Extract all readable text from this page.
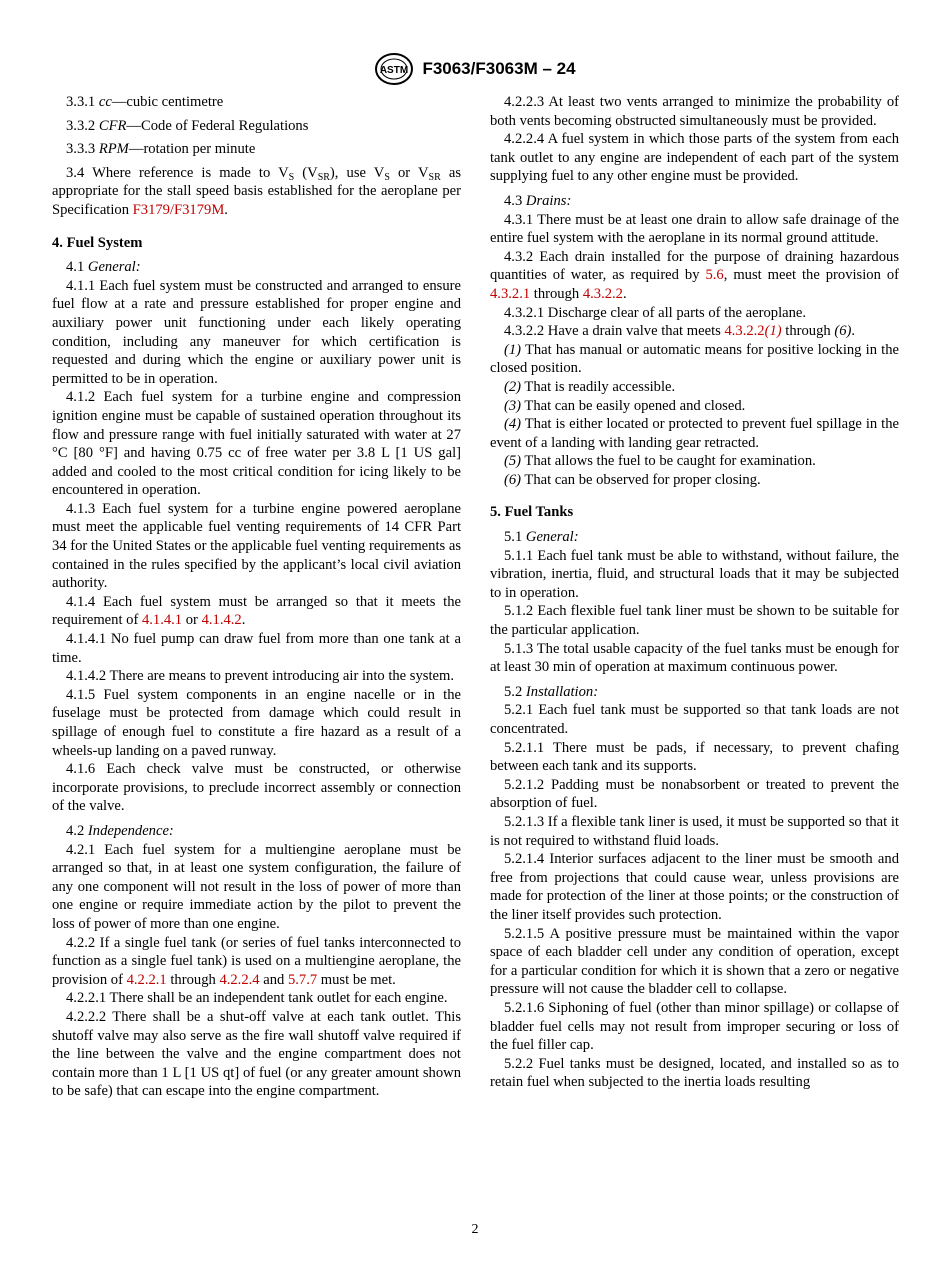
ASTM F3063/F3063M – 24

3.3.1 cc—cubic centimetre

3.3.2 CFR—Code of Federal Regulations

3.3.3 RPM—rotation per minute

3.4 Where reference is made to $V_S$ $(V_{SR})$, use $V_S$ or $V_{SR}$ as appropriate for the stall speed basis established for the aeroplane per Specification F3179/F3179M.

4. Fuel System

4.1 General:

4.1.1 Each fuel system must be constructed and arranged to ensure fuel flow at a rate and pressure established for proper engine and auxiliary power unit functioning under each likely operating condition, including any maneuver for which certification is requested and during which the engine or auxiliary power unit is permitted to be in operation.

4.1.2 Each fuel system for a turbine engine and compression ignition engine must be capable of sustained operation throughout its flow and pressure range with fuel initially saturated with water at 27 °C [80 °F] and having 0.75 cc of free water per 3.8 L [1 US gal] added and cooled to the most critical condition for icing likely to be encountered in operation.

4.1.3 Each fuel system for a turbine engine powered aeroplane must meet the applicable fuel venting requirements of 14 CFR Part 34 for the United States or the applicable fuel venting requirements as contained in the rules specified by the applicant’s local civil aviation authority.

4.1.4 Each fuel system must be arranged so that it meets the requirement of 4.1.4.1 or 4.1.4.2.

4.1.4.1 No fuel pump can draw fuel from more than one tank at a time.

4.1.4.2 There are means to prevent introducing air into the system.

4.1.5 Fuel system components in an engine nacelle or in the fuselage must be protected from damage which could result in spillage of enough fuel to constitute a fire hazard as a result of a wheels-up landing on a paved runway.

4.1.6 Each check valve must be constructed, or otherwise incorporate provisions, to preclude incorrect assembly or connection of the valve.

4.2 Independence:

4.2.1 Each fuel system for a multiengine aeroplane must be arranged so that, in at least one system configuration, the failure of any one component will not result in the loss of power of more than one engine or require immediate action by the pilot to prevent the loss of power of more than one engine.

4.2.2 If a single fuel tank (or series of fuel tanks interconnected to function as a single fuel tank) is used on a multiengine aeroplane, the provision of 4.2.2.1 through 4.2.2.4 and 5.7.7 must be met.

4.2.2.1 There shall be an independent tank outlet for each engine.

4.2.2.2 There shall be a shut-off valve at each tank outlet. This shutoff valve may also serve as the fire wall shutoff valve required if the line between the valve and the engine compartment does not contain more than 1 L [1 US qt] of fuel (or any greater amount shown to be safe) that can escape into the engine compartment.

4.2.2.3 At least two vents arranged to minimize the probability of both vents becoming obstructed simultaneously must be provided.

4.2.2.4 A fuel system in which those parts of the system from each tank outlet to any engine are independent of each part of the system supplying fuel to any other engine must be provided.

4.3 Drains:

4.3.1 There must be at least one drain to allow safe drainage of the entire fuel system with the aeroplane in its normal ground attitude.

4.3.2 Each drain installed for the purpose of draining hazardous quantities of water, as required by 5.6, must meet the provision of 4.3.2.1 through 4.3.2.2.

4.3.2.1 Discharge clear of all parts of the aeroplane.

4.3.2.2 Have a drain valve that meets 4.3.2.2(1) through (6).

(1) That has manual or automatic means for positive locking in the closed position.

(2) That is readily accessible.

(3) That can be easily opened and closed.

(4) That is either located or protected to prevent fuel spillage in the event of a landing with landing gear retracted.

(5) That allows the fuel to be caught for examination.

(6) That can be observed for proper closing.

5. Fuel Tanks

5.1 General:

5.1.1 Each fuel tank must be able to withstand, without failure, the vibration, inertia, fluid, and structural loads that it may be subjected to in operation.

5.1.2 Each flexible fuel tank liner must be shown to be suitable for the particular application.

5.1.3 The total usable capacity of the fuel tanks must be enough for at least 30 min of operation at maximum continuous power.

5.2 Installation:

5.2.1 Each fuel tank must be supported so that tank loads are not concentrated.

5.2.1.1 There must be pads, if necessary, to prevent chafing between each tank and its supports.

5.2.1.2 Padding must be nonabsorbent or treated to prevent the absorption of fuel.

5.2.1.3 If a flexible tank liner is used, it must be supported so that it is not required to withstand fluid loads.

5.2.1.4 Interior surfaces adjacent to the liner must be smooth and free from projections that could cause wear, unless provisions are made for protection of the liner at those points; or the construction of the liner itself provides such protection.

5.2.1.5 A positive pressure must be maintained within the vapor space of each bladder cell under any condition of operation, except for a particular condition for which it is shown that a zero or negative pressure will not cause the bladder cell to collapse.

5.2.1.6 Siphoning of fuel (other than minor spillage) or collapse of bladder fuel cells may not result from improper securing or loss of the fuel filler cap.

5.2.2 Fuel tanks must be designed, located, and installed so as to retain fuel when subjected to the inertia loads resulting

2
